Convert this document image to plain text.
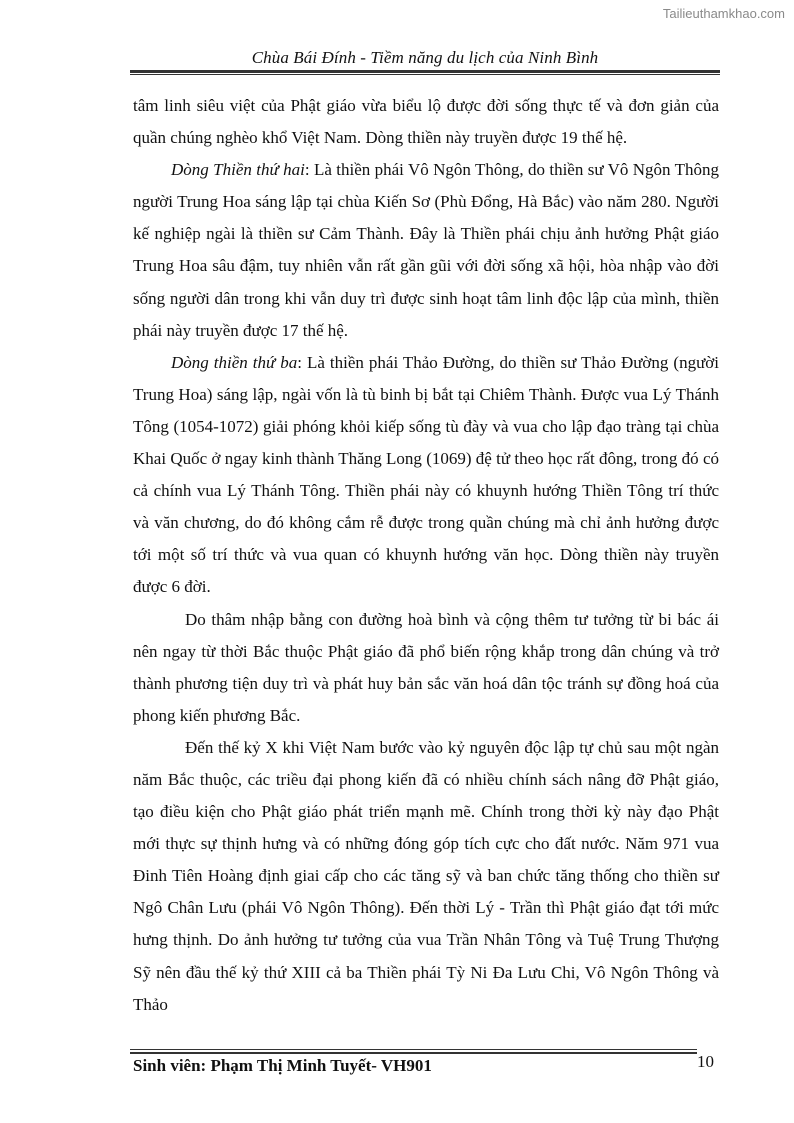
Tailieuthamkhao.com
Chùa Bái Đính - Tiềm năng du lịch của Ninh Bình

tâm linh siêu việt của Phật giáo vừa biểu lộ được đời sống thực tế và đơn giản của quần chúng nghèo khổ Việt Nam. Dòng thiền này truyền được 19 thế hệ.

Dòng Thiền thứ hai: Là thiền phái Vô Ngôn Thông, do thiền sư Vô Ngôn Thông người Trung Hoa sáng lập tại chùa Kiến Sơ (Phù Đổng, Hà Bắc) vào năm 280. Người kế nghiệp ngài là thiền sư Cảm Thành. Đây là Thiền phái chịu ảnh hưởng Phật giáo Trung Hoa sâu đậm, tuy nhiên vẫn rất gần gũi với đời sống xã hội, hòa nhập vào đời sống người dân trong khi vẫn duy trì được sinh hoạt tâm linh độc lập của mình, thiền phái này truyền được 17 thế hệ.

Dòng thiền thứ ba: Là thiền phái Thảo Đường, do thiền sư Thảo Đường (người Trung Hoa) sáng lập, ngài vốn là tù binh bị bắt tại Chiêm Thành. Được vua Lý Thánh Tông (1054-1072) giải phóng khỏi kiếp sống tù đày và vua cho lập đạo tràng tại chùa Khai Quốc ở ngay kinh thành Thăng Long (1069) đệ tử theo học rất đông, trong đó có cả chính vua Lý Thánh Tông. Thiền phái này có khuynh hướng Thiền Tông trí thức và văn chương, do đó không cắm rễ được trong quần chúng mà chỉ ảnh hưởng được tới một số trí thức và vua quan có khuynh hướng văn học. Dòng thiền này truyền được 6 đời.

Do thâm nhập bằng con đường hoà bình và cộng thêm tư tưởng từ bi bác ái nên ngay từ thời Bắc thuộc Phật giáo đã phổ biến rộng khắp trong dân chúng và trở thành phương tiện duy trì và phát huy bản sắc văn hoá dân tộc tránh sự đồng hoá của phong kiến phương Bắc.

Đến thế kỷ X khi Việt Nam bước vào kỷ nguyên độc lập tự chủ sau một ngàn năm Bắc thuộc, các triều đại phong kiến đã có nhiều chính sách nâng đỡ Phật giáo, tạo điều kiện cho Phật giáo phát triển mạnh mẽ. Chính trong thời kỳ này đạo Phật mới thực sự thịnh hưng và có những đóng góp tích cực cho đất nước. Năm 971 vua Đinh Tiên Hoàng định giai cấp cho các tăng sỹ và ban chức tăng thống cho thiền sư Ngô Chân Lưu (phái Vô Ngôn Thông). Đến thời Lý - Trần thì Phật giáo đạt tới mức hưng thịnh. Do ảnh hưởng tư tưởng của vua Trần Nhân Tông và Tuệ Trung Thượng Sỹ nên đầu thế kỷ thứ XIII cả ba Thiền phái Tỳ Ni Đa Lưu Chi, Vô Ngôn Thông và Thảo

Sinh viên: Phạm Thị Minh Tuyết- VH901	10
